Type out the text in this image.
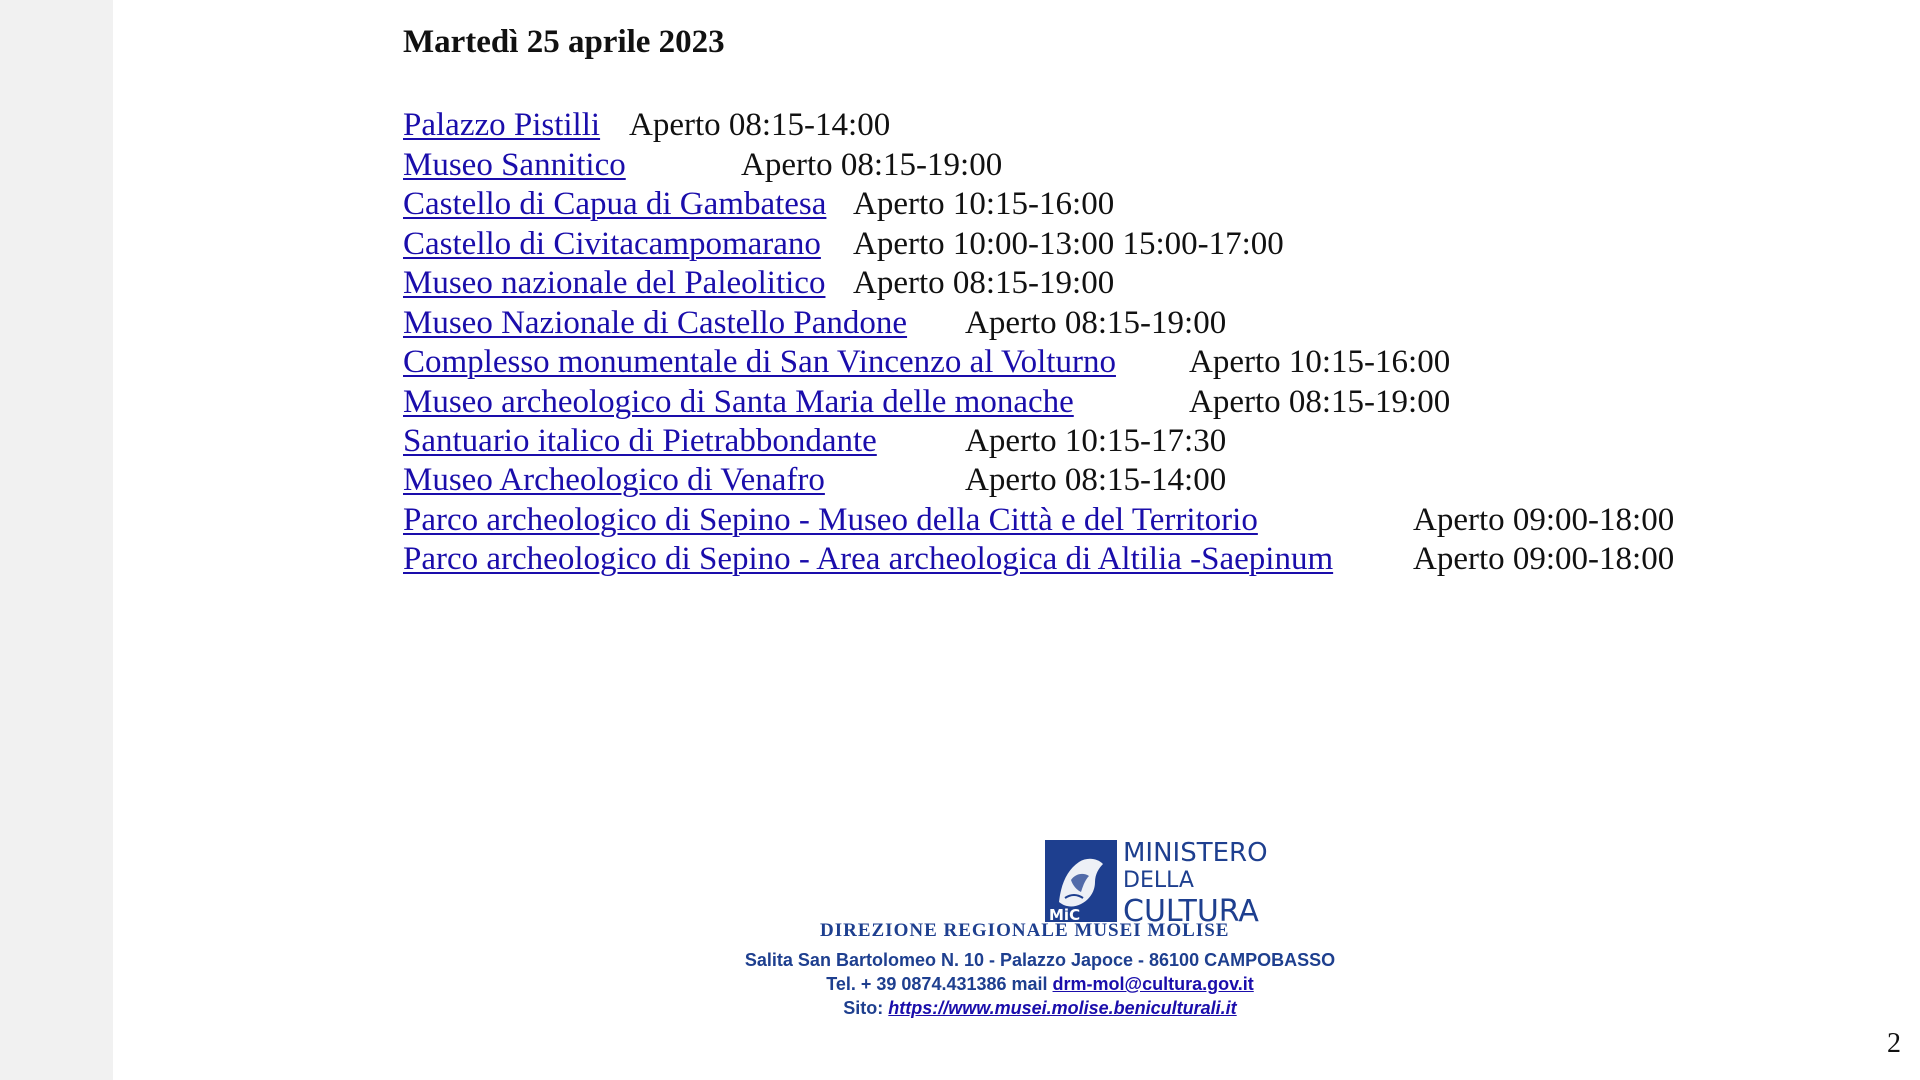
Martedì 25 aprile 2023
Palazzo Pistilli Aperto 08:15-14:00
Museo Sannitico	Aperto 08:15-19:00
Castello di Capua di Gambatesa Aperto 10:15-16:00
Castello di Civitacampomarano Aperto 10:00-13:00 15:00-17:00
Museo nazionale del Paleolitico Aperto 08:15-19:00
Museo Nazionale di Castello Pandone Aperto 08:15-19:00
Complesso monumentale di San Vincenzo al Volturno Aperto 10:15-16:00
Museo archeologico di Santa Maria delle monache	Aperto 08:15-19:00
Santuario italico di Pietrabbondante	Aperto 10:15-17:30
Museo Archeologico di Venafro	Aperto 08:15-14:00
Parco archeologico di Sepino - Museo della Città e del Territorio	Aperto 09:00-18:00
Parco archeologico di Sepino - Area archeologica di Altilia -Saepinum Aperto 09:00-18:00
MiC
MINISTERO
DELLA
CULTURA
2
DIREZIONE REGIONALE MUSEI MOLISE
Salita San Bartolomeo N. 10 - Palazzo Japoce - 86100 CAMPOBASSO
Tel. + 39 0874.431386 mail drm-mol@cultura.gov.it
Sito: https://www.musei.molise.beniculturali.it
